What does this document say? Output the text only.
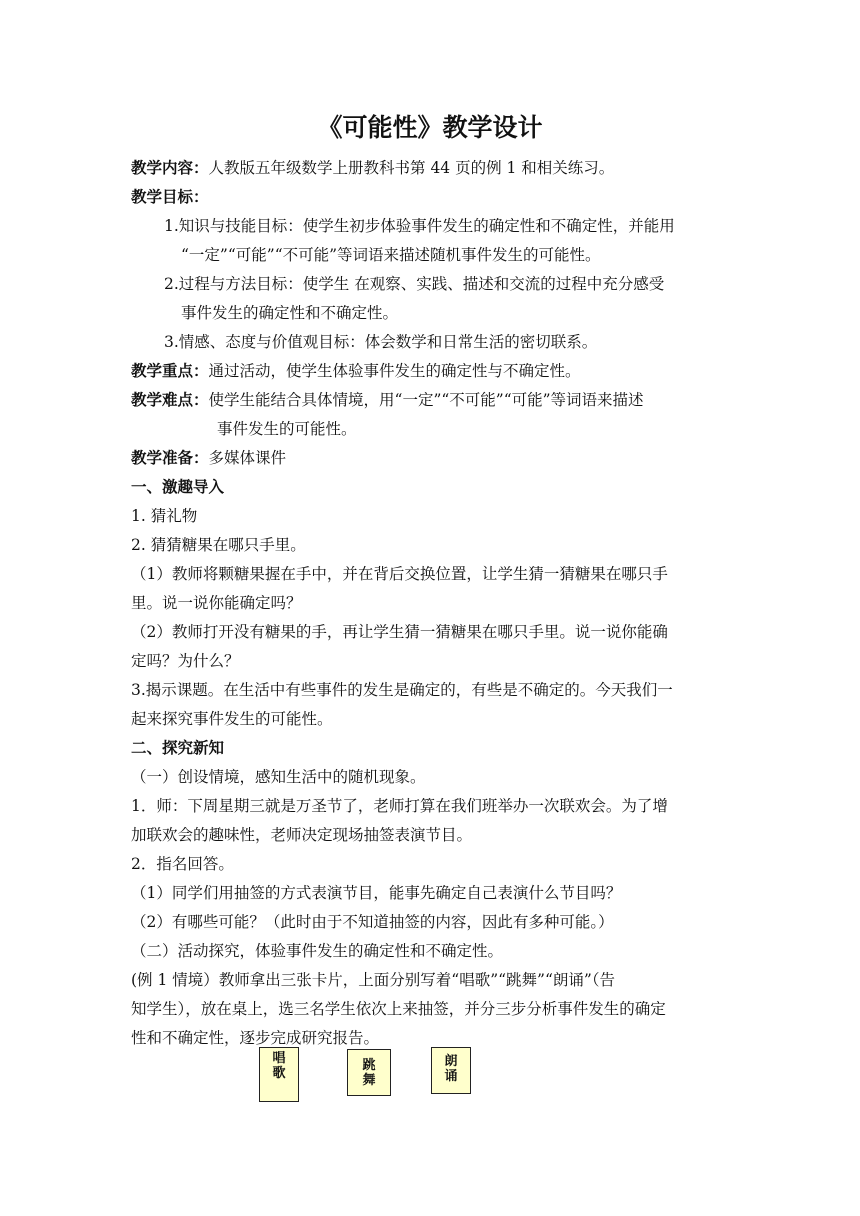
《可能性》教学设计
教学内容：人教版五年级数学上册教科书第 44 页的例 1 和相关练习。
教学目标：
1.知识与技能目标：使学生初步体验事件发生的确定性和不确定性，并能用
“一定”“可能”“不可能”等词语来描述随机事件发生的可能性。
2.过程与方法目标：使学生 在观察、实践、描述和交流的过程中充分感受
事件发生的确定性和不确定性。
3.情感、态度与价值观目标：体会数学和日常生活的密切联系。
教学重点：通过活动，使学生体验事件发生的确定性与不确定性。
教学难点：使学生能结合具体情境，用“一定”“不可能”“可能”等词语来描述
事件发生的可能性。
教学准备：多媒体课件
一、激趣导入
1. 猜礼物
2. 猜猜糖果在哪只手里。
（1）教师将颗糖果握在手中，并在背后交换位置，让学生猜一猜糖果在哪只手
里。说一说你能确定吗？
（2）教师打开没有糖果的手，再让学生猜一猜糖果在哪只手里。说一说你能确
定吗？为什么？
3.揭示课题。在生活中有些事件的发生是确定的，有些是不确定的。今天我们一
起来探究事件发生的可能性。
二、探究新知
（一）创设情境，感知生活中的随机现象。
1．师：下周星期三就是万圣节了，老师打算在我们班举办一次联欢会。为了增
加联欢会的趣味性，老师决定现场抽签表演节目。
2．指名回答。
（1）同学们用抽签的方式表演节目，能事先确定自己表演什么节目吗？
（2）有哪些可能？（此时由于不知道抽签的内容，因此有多种可能。）
（二）活动探究，体验事件发生的确定性和不确定性。
(例 1 情境）教师拿出三张卡片，上面分别写着“唱歌”“跳舞”“朗诵”（告
知学生），放在桌上，选三名学生依次上来抽签，并分三步分析事件发生的确定
性和不确定性，逐步完成研究报告。
唱
歌
跳
舞
朗
诵
